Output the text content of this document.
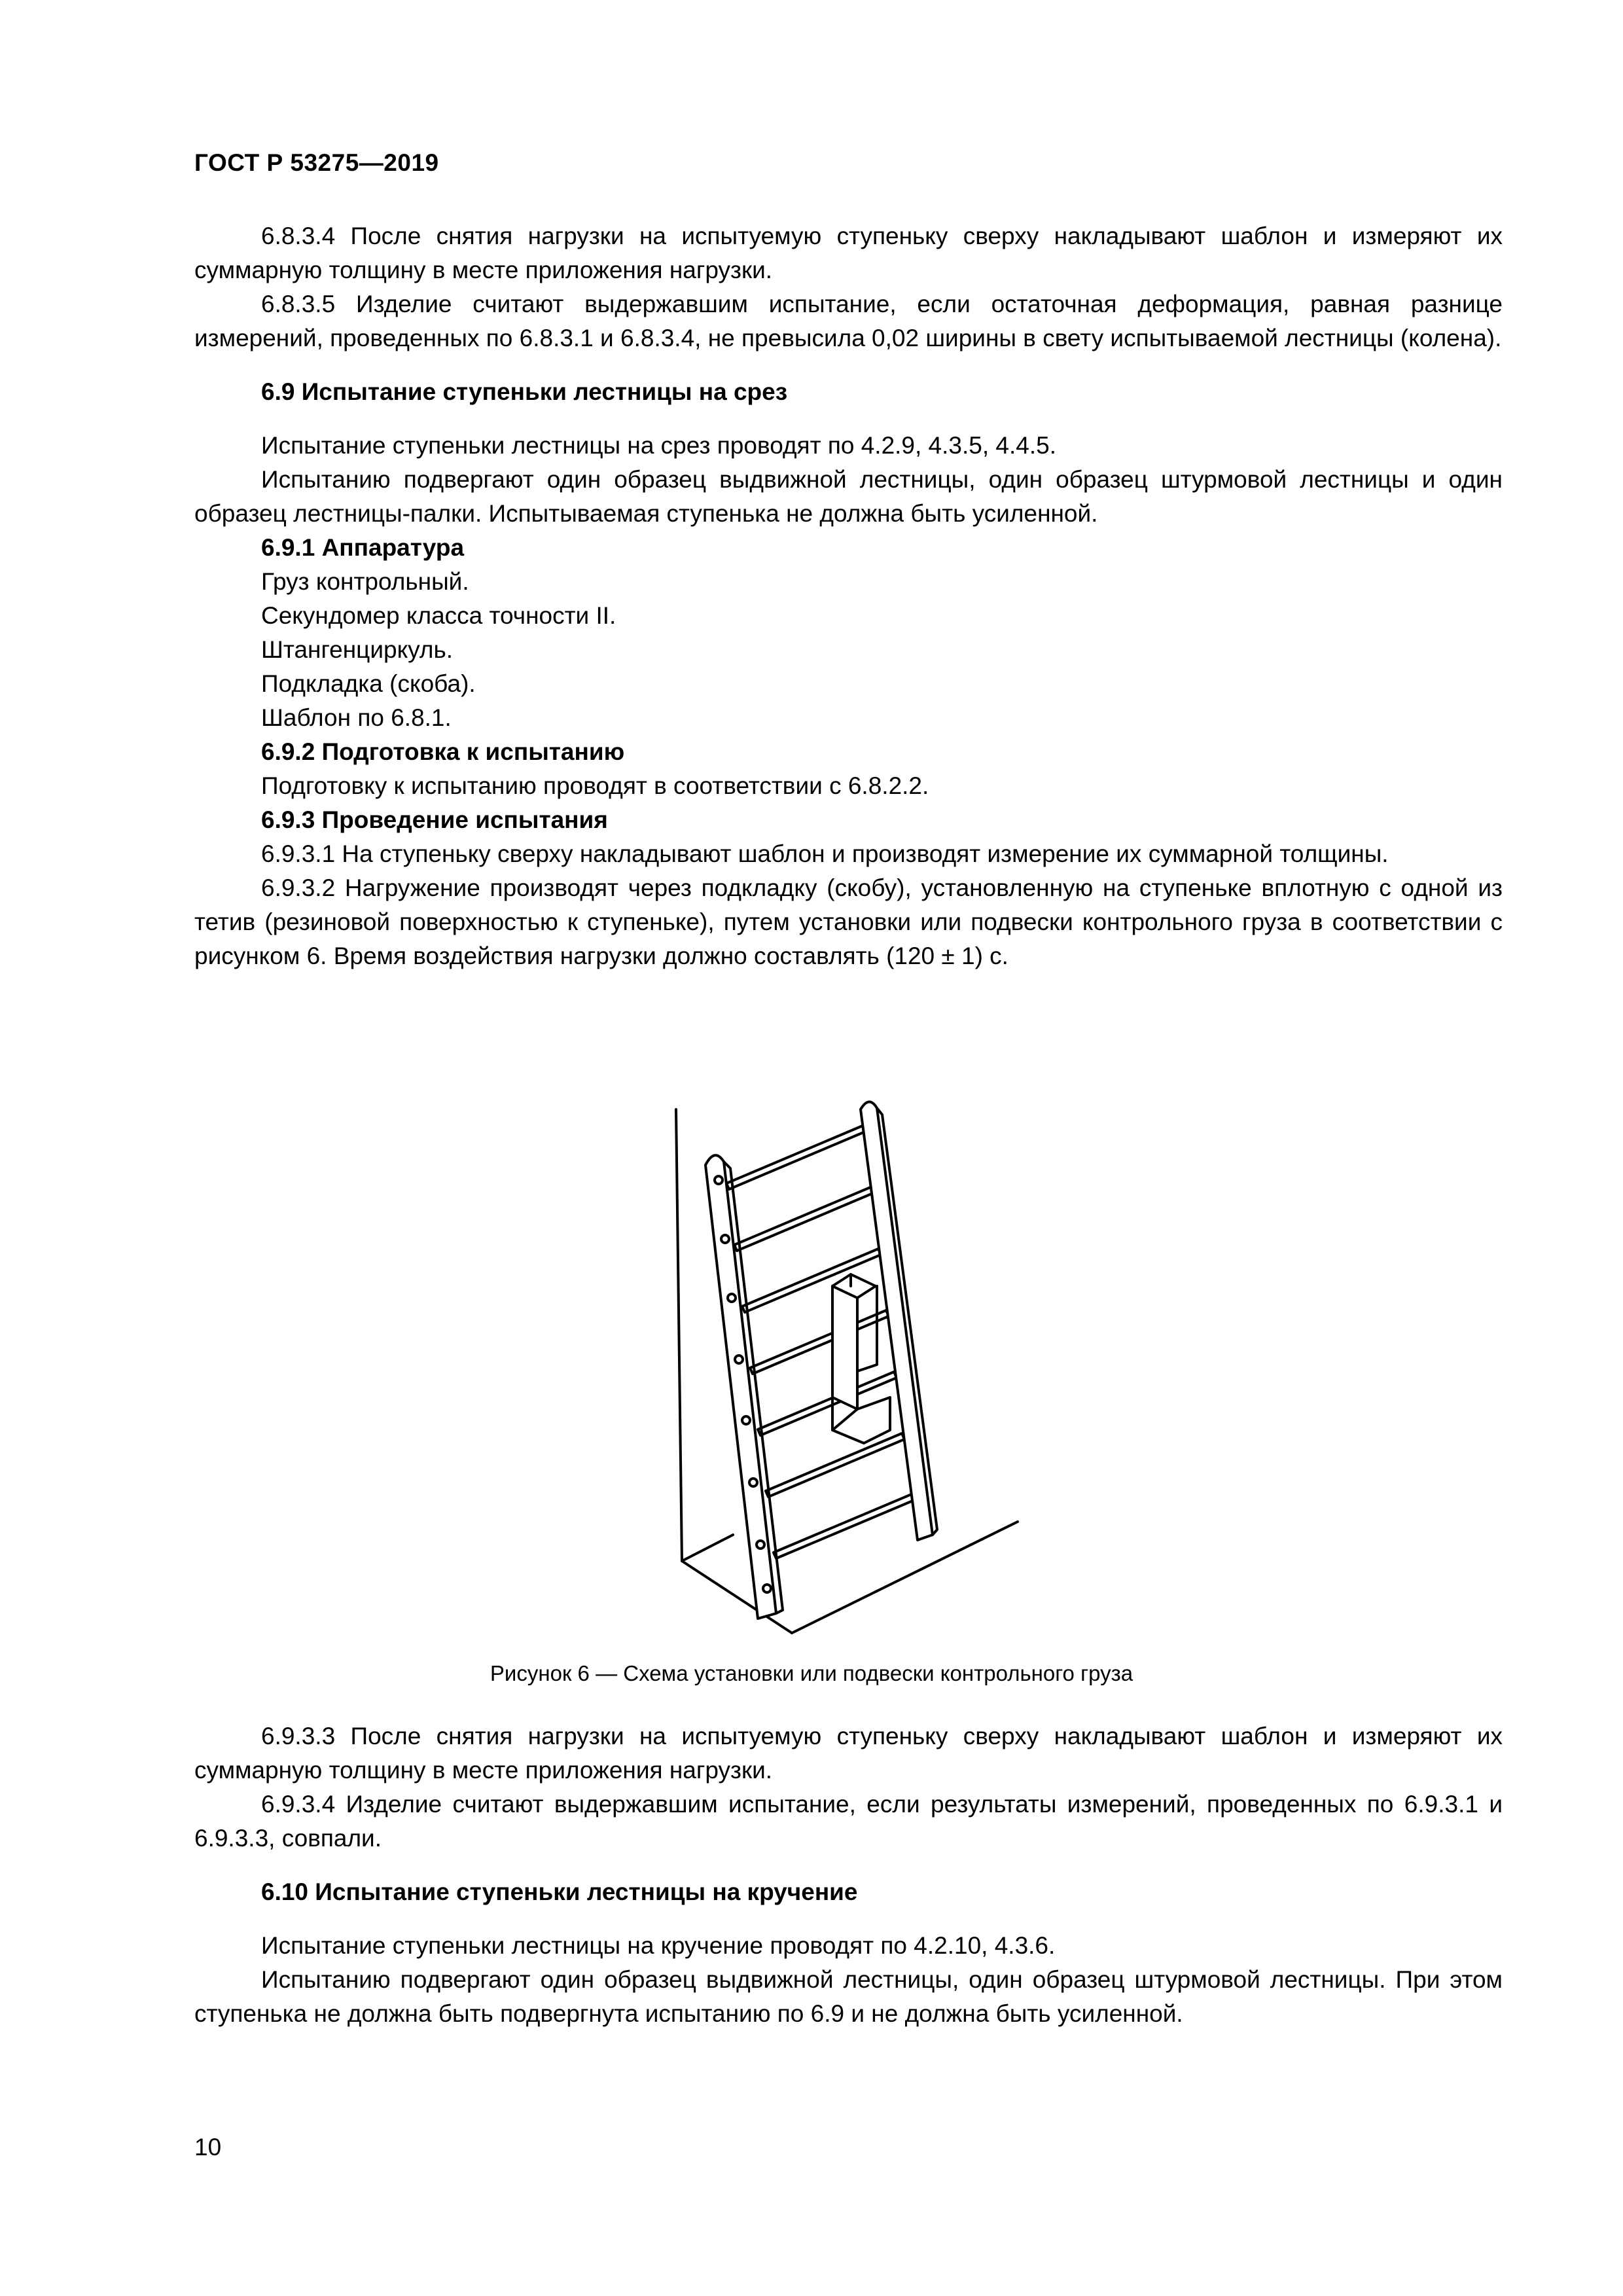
ГОСТ Р 53275—2019

6.8.3.4 После снятия нагрузки на испытуемую ступеньку сверху накладывают шаблон и измеряют их суммарную толщину в месте приложения нагрузки.

6.8.3.5 Изделие считают выдержавшим испытание, если остаточная деформация, равная разнице измерений, проведенных по 6.8.3.1 и 6.8.3.4, не превысила 0,02 ширины в свету испытываемой лестницы (колена).

6.9 Испытание ступеньки лестницы на срез

Испытание ступеньки лестницы на срез проводят по 4.2.9, 4.3.5, 4.4.5.

Испытанию подвергают один образец выдвижной лестницы, один образец штурмовой лестницы и один образец лестницы-палки. Испытываемая ступенька не должна быть усиленной.

6.9.1 Аппаратура

Груз контрольный.

Секундомер класса точности II.

Штангенциркуль.

Подкладка (скоба).

Шаблон по 6.8.1.

6.9.2 Подготовка к испытанию

Подготовку к испытанию проводят в соответствии с 6.8.2.2.

6.9.3 Проведение испытания

6.9.3.1 На ступеньку сверху накладывают шаблон и производят измерение их суммарной толщины.

6.9.3.2 Нагружение производят через подкладку (скобу), установленную на ступеньке вплотную с одной из тетив (резиновой поверхностью к ступеньке), путем установки или подвески контрольного груза в соответствии с рисунком 6. Время воздействия нагрузки должно составлять (120 ± 1) с.

Рисунок 6 — Схема установки или подвески контрольного груза

6.9.3.3 После снятия нагрузки на испытуемую ступеньку сверху накладывают шаблон и измеряют их суммарную толщину в месте приложения нагрузки.

6.9.3.4 Изделие считают выдержавшим испытание, если результаты измерений, проведенных по 6.9.3.1 и 6.9.3.3, совпали.

6.10 Испытание ступеньки лестницы на кручение

Испытание ступеньки лестницы на кручение проводят по 4.2.10, 4.3.6.

Испытанию подвергают один образец выдвижной лестницы, один образец штурмовой лестницы. При этом ступенька не должна быть подвергнута испытанию по 6.9 и не должна быть усиленной.

10
